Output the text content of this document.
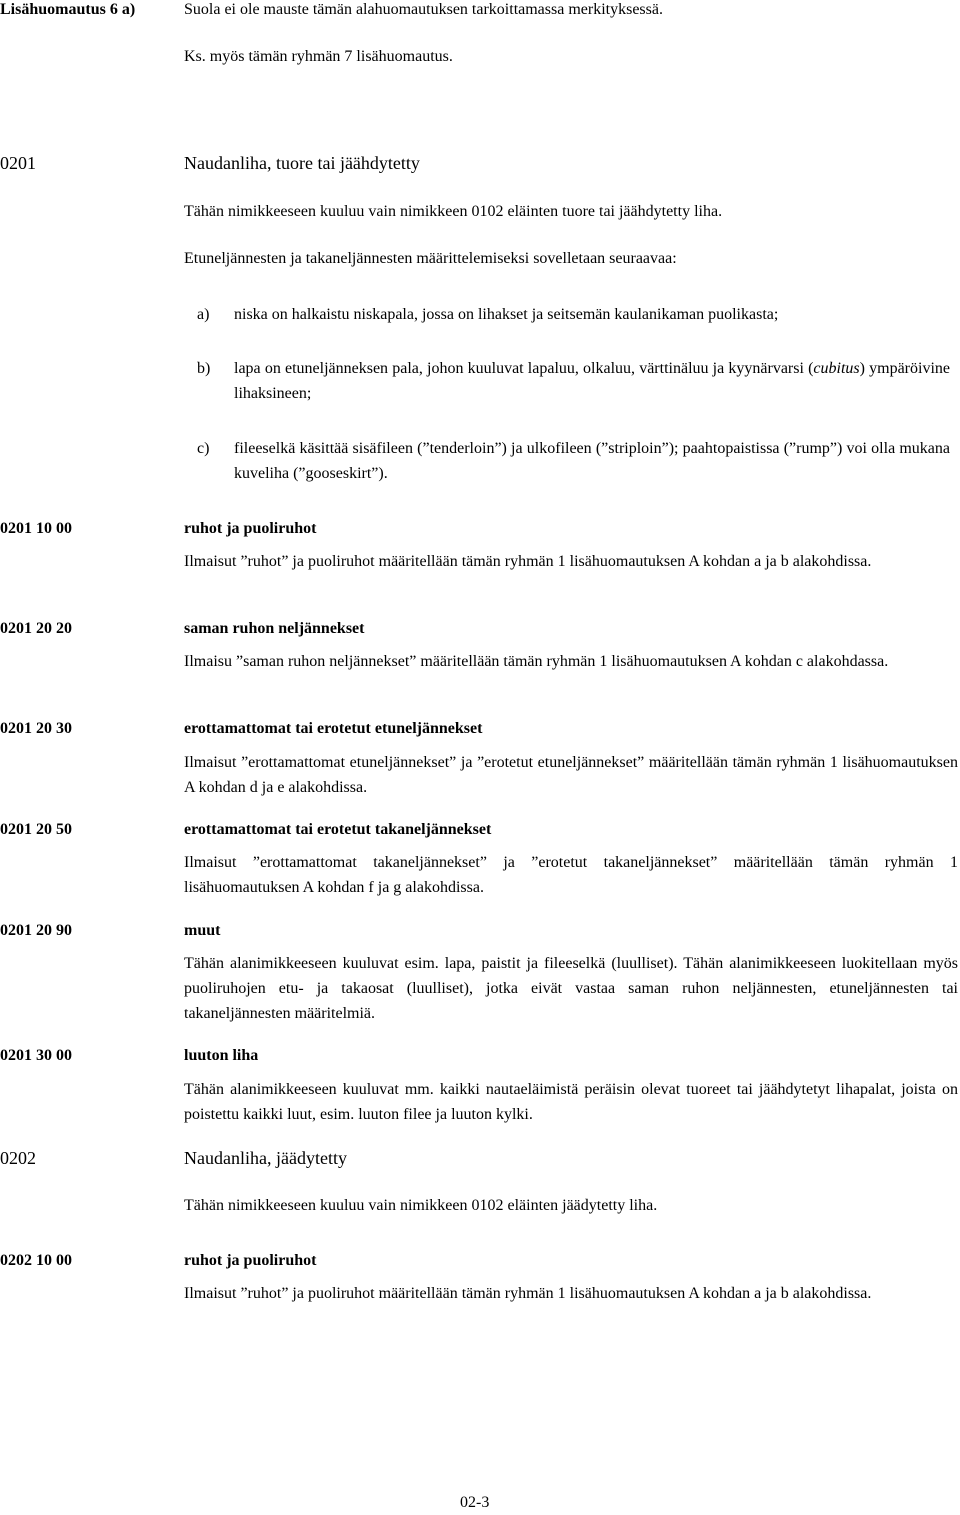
Lisähuomautus 6 a)	Suola ei ole mauste tämän alahuomautuksen tarkoittamassa merkityksessä.
Ks. myös tämän ryhmän 7 lisähuomautus.
0201	Naudanliha, tuore tai jäähdytetty
Tähän nimikkeeseen kuuluu vain nimikkeen 0102 eläinten tuore tai jäähdytetty liha.
Etuneljännesten ja takaneljännesten määrittelemiseksi sovelletaan seuraavaa:
a) niska on halkaistu niskapala, jossa on lihakset ja seitsemän kaulanikaman puolikasta;
b) lapa on etuneljänneksen pala, johon kuuluvat lapaluu, olkaluu, värttinäluu ja kyynärvarsi (cubitus) ympäröivine lihaksineen;
c) fileeselkä käsittää sisäfileen (”tenderloin”) ja ulkofileen (”striploin”); paahtopaistissa (”rump”) voi olla mukana kuveliha (”gooseskirt”).
0201 10 00	ruhot ja puoliruhot
Ilmaisut ”ruhot” ja puoliruhot määritellään tämän ryhmän 1 lisähuomautuksen A kohdan a ja b alakohdissa.
0201 20 20	saman ruhon neljännekset
Ilmaisu ”saman ruhon neljännekset” määritellään tämän ryhmän 1 lisähuomautuksen A kohdan c alakohdassa.
0201 20 30	erottamattomat tai erotetut etuneljännekset
Ilmaisut ”erottamattomat etuneljännekset” ja ”erotetut etuneljännekset” määritellään tämän ryhmän 1 lisähuomautuksen A kohdan d ja e alakohdissa.
0201 20 50	erottamattomat tai erotetut takaneljännekset
Ilmaisut ”erottamattomat takaneljännekset” ja ”erotetut takaneljännekset” määritellään tämän ryhmän 1 lisähuomautuksen A kohdan f ja g alakohdissa.
0201 20 90	muut
Tähän alanimikkeeseen kuuluvat esim. lapa, paistit ja fileeselkä (luulliset). Tähän alanimikkeeseen luokitellaan myös puoliruhojen etu- ja takaosat (luulliset), jotka eivät vastaa saman ruhon neljännesten, etuneljännesten tai takaneljännesten määritelmiä.
0201 30 00	luuton liha
Tähän alanimikkeeseen kuuluvat mm. kaikki nautaeläimistä peräisin olevat tuoreet tai jäähdytetyt lihapalat, joista on poistettu kaikki luut, esim. luuton filee ja luuton kylki.
0202	Naudanliha, jäädytetty
Tähän nimikkeeseen kuuluu vain nimikkeen 0102 eläinten jäädytetty liha.
0202 10 00	ruhot ja puoliruhot
Ilmaisut ”ruhot” ja puoliruhot määritellään tämän ryhmän 1 lisähuomautuksen A kohdan a ja b alakohdissa.
02-3
